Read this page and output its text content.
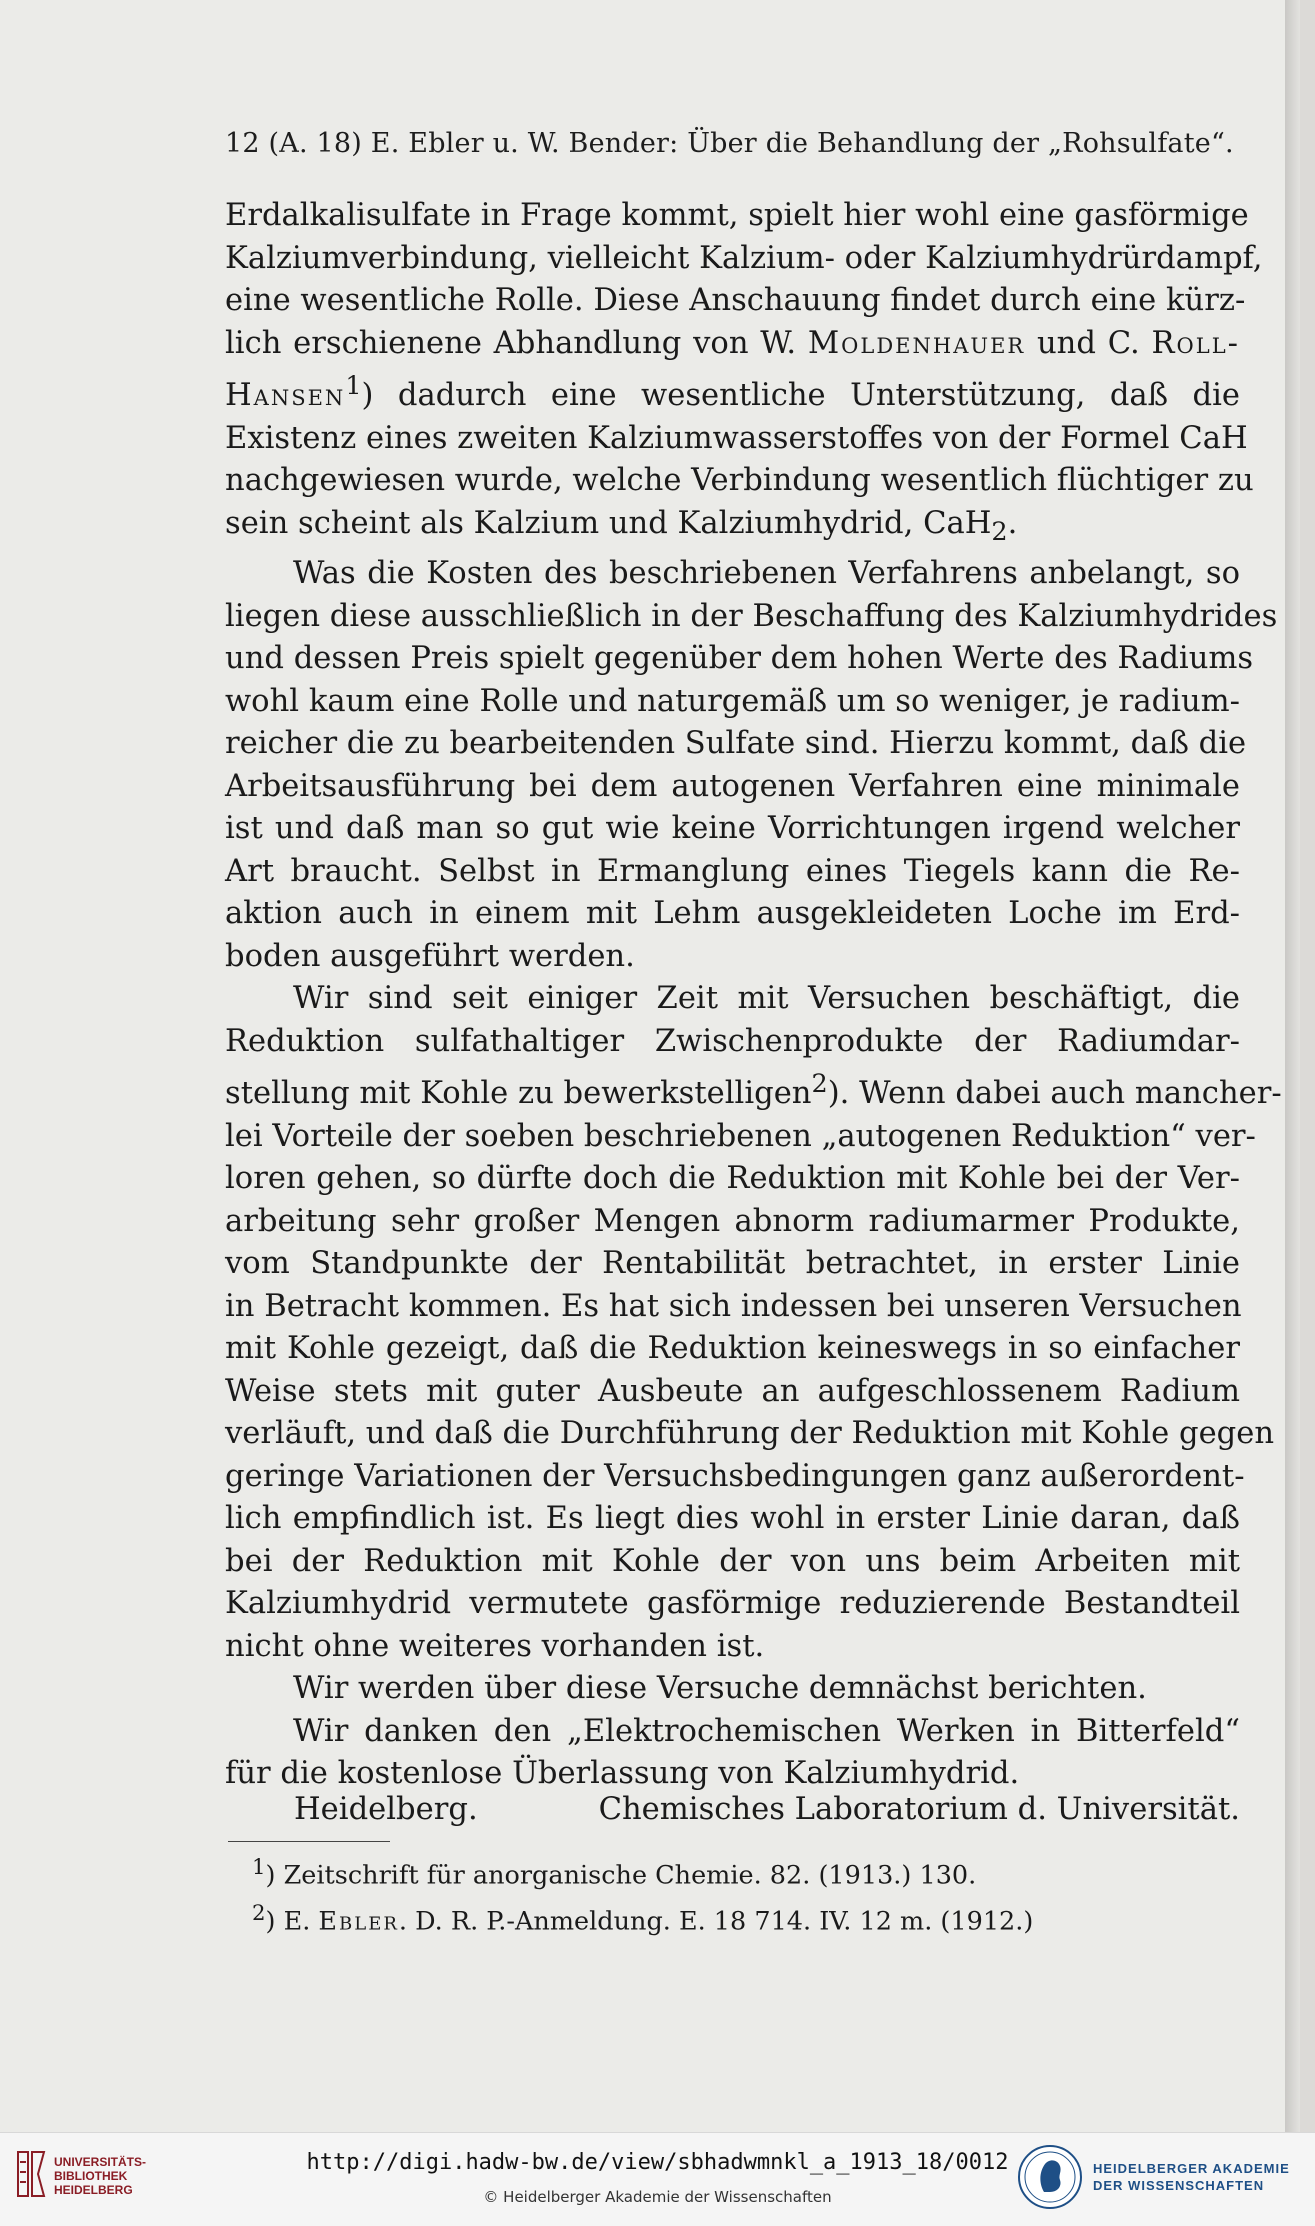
12 (A. 18) E. Ebler u. W. Bender: Über die Behandlung der „Rohsulfate“.
Erdalkalisulfate in Frage kommt, spielt hier wohl eine gasförmige
Kalziumverbindung, vielleicht Kalzium- oder Kalziumhydrürdampf,
eine wesentliche Rolle. Diese Anschauung findet durch eine kürz-
lich erschienene Abhandlung von W. Moldenhauer und C. Roll-
Hansen$^1$) dadurch eine wesentliche Unterstützung, daß die
Existenz eines zweiten Kalziumwasserstoffes von der Formel CaH
nachgewiesen wurde, welche Verbindung wesentlich flüchtiger zu
sein scheint als Kalzium und Kalziumhydrid, CaH$_2$.
Was die Kosten des beschriebenen Verfahrens anbelangt, so
liegen diese ausschließlich in der Beschaffung des Kalziumhydrides
und dessen Preis spielt gegenüber dem hohen Werte des Radiums
wohl kaum eine Rolle und naturgemäß um so weniger, je radium-
reicher die zu bearbeitenden Sulfate sind. Hierzu kommt, daß die
Arbeitsausführung bei dem autogenen Verfahren eine minimale
ist und daß man so gut wie keine Vorrichtungen irgend welcher
Art braucht. Selbst in Ermanglung eines Tiegels kann die Re-
aktion auch in einem mit Lehm ausgekleideten Loche im Erd-
boden ausgeführt werden.
Wir sind seit einiger Zeit mit Versuchen beschäftigt, die
Reduktion sulfathaltiger Zwischenprodukte der Radiumdar-
stellung mit Kohle zu bewerkstelligen$^2$). Wenn dabei auch mancher-
lei Vorteile der soeben beschriebenen „autogenen Reduktion“ ver-
loren gehen, so dürfte doch die Reduktion mit Kohle bei der Ver-
arbeitung sehr großer Mengen abnorm radiumarmer Produkte,
vom Standpunkte der Rentabilität betrachtet, in erster Linie
in Betracht kommen. Es hat sich indessen bei unseren Versuchen
mit Kohle gezeigt, daß die Reduktion keineswegs in so einfacher
Weise stets mit guter Ausbeute an aufgeschlossenem Radium
verläuft, und daß die Durchführung der Reduktion mit Kohle gegen
geringe Variationen der Versuchsbedingungen ganz außerordent-
lich empfindlich ist. Es liegt dies wohl in erster Linie daran, daß
bei der Reduktion mit Kohle der von uns beim Arbeiten mit
Kalziumhydrid vermutete gasförmige reduzierende Bestandteil
nicht ohne weiteres vorhanden ist.
Wir werden über diese Versuche demnächst berichten.
Wir danken den „Elektrochemischen Werken in Bitterfeld“
für die kostenlose Überlassung von Kalziumhydrid.
Heidelberg.	Chemisches Laboratorium d. Universität.
$^1$) Zeitschrift für anorganische Chemie. 82. (1913.) 130.
$^2$) E. Ebler. D. R. P.-Anmeldung. E. 18 714. IV. 12 m. (1912.)
UNIVERSITÄTS-
BIBLIOTHEK
HEIDELBERG
http://digi.hadw-bw.de/view/sbhadwmnkl_a_1913_18/0012
© Heidelberger Akademie der Wissenschaften
HEIDELBERGER AKADEMIE
DER WISSENSCHAFTEN
